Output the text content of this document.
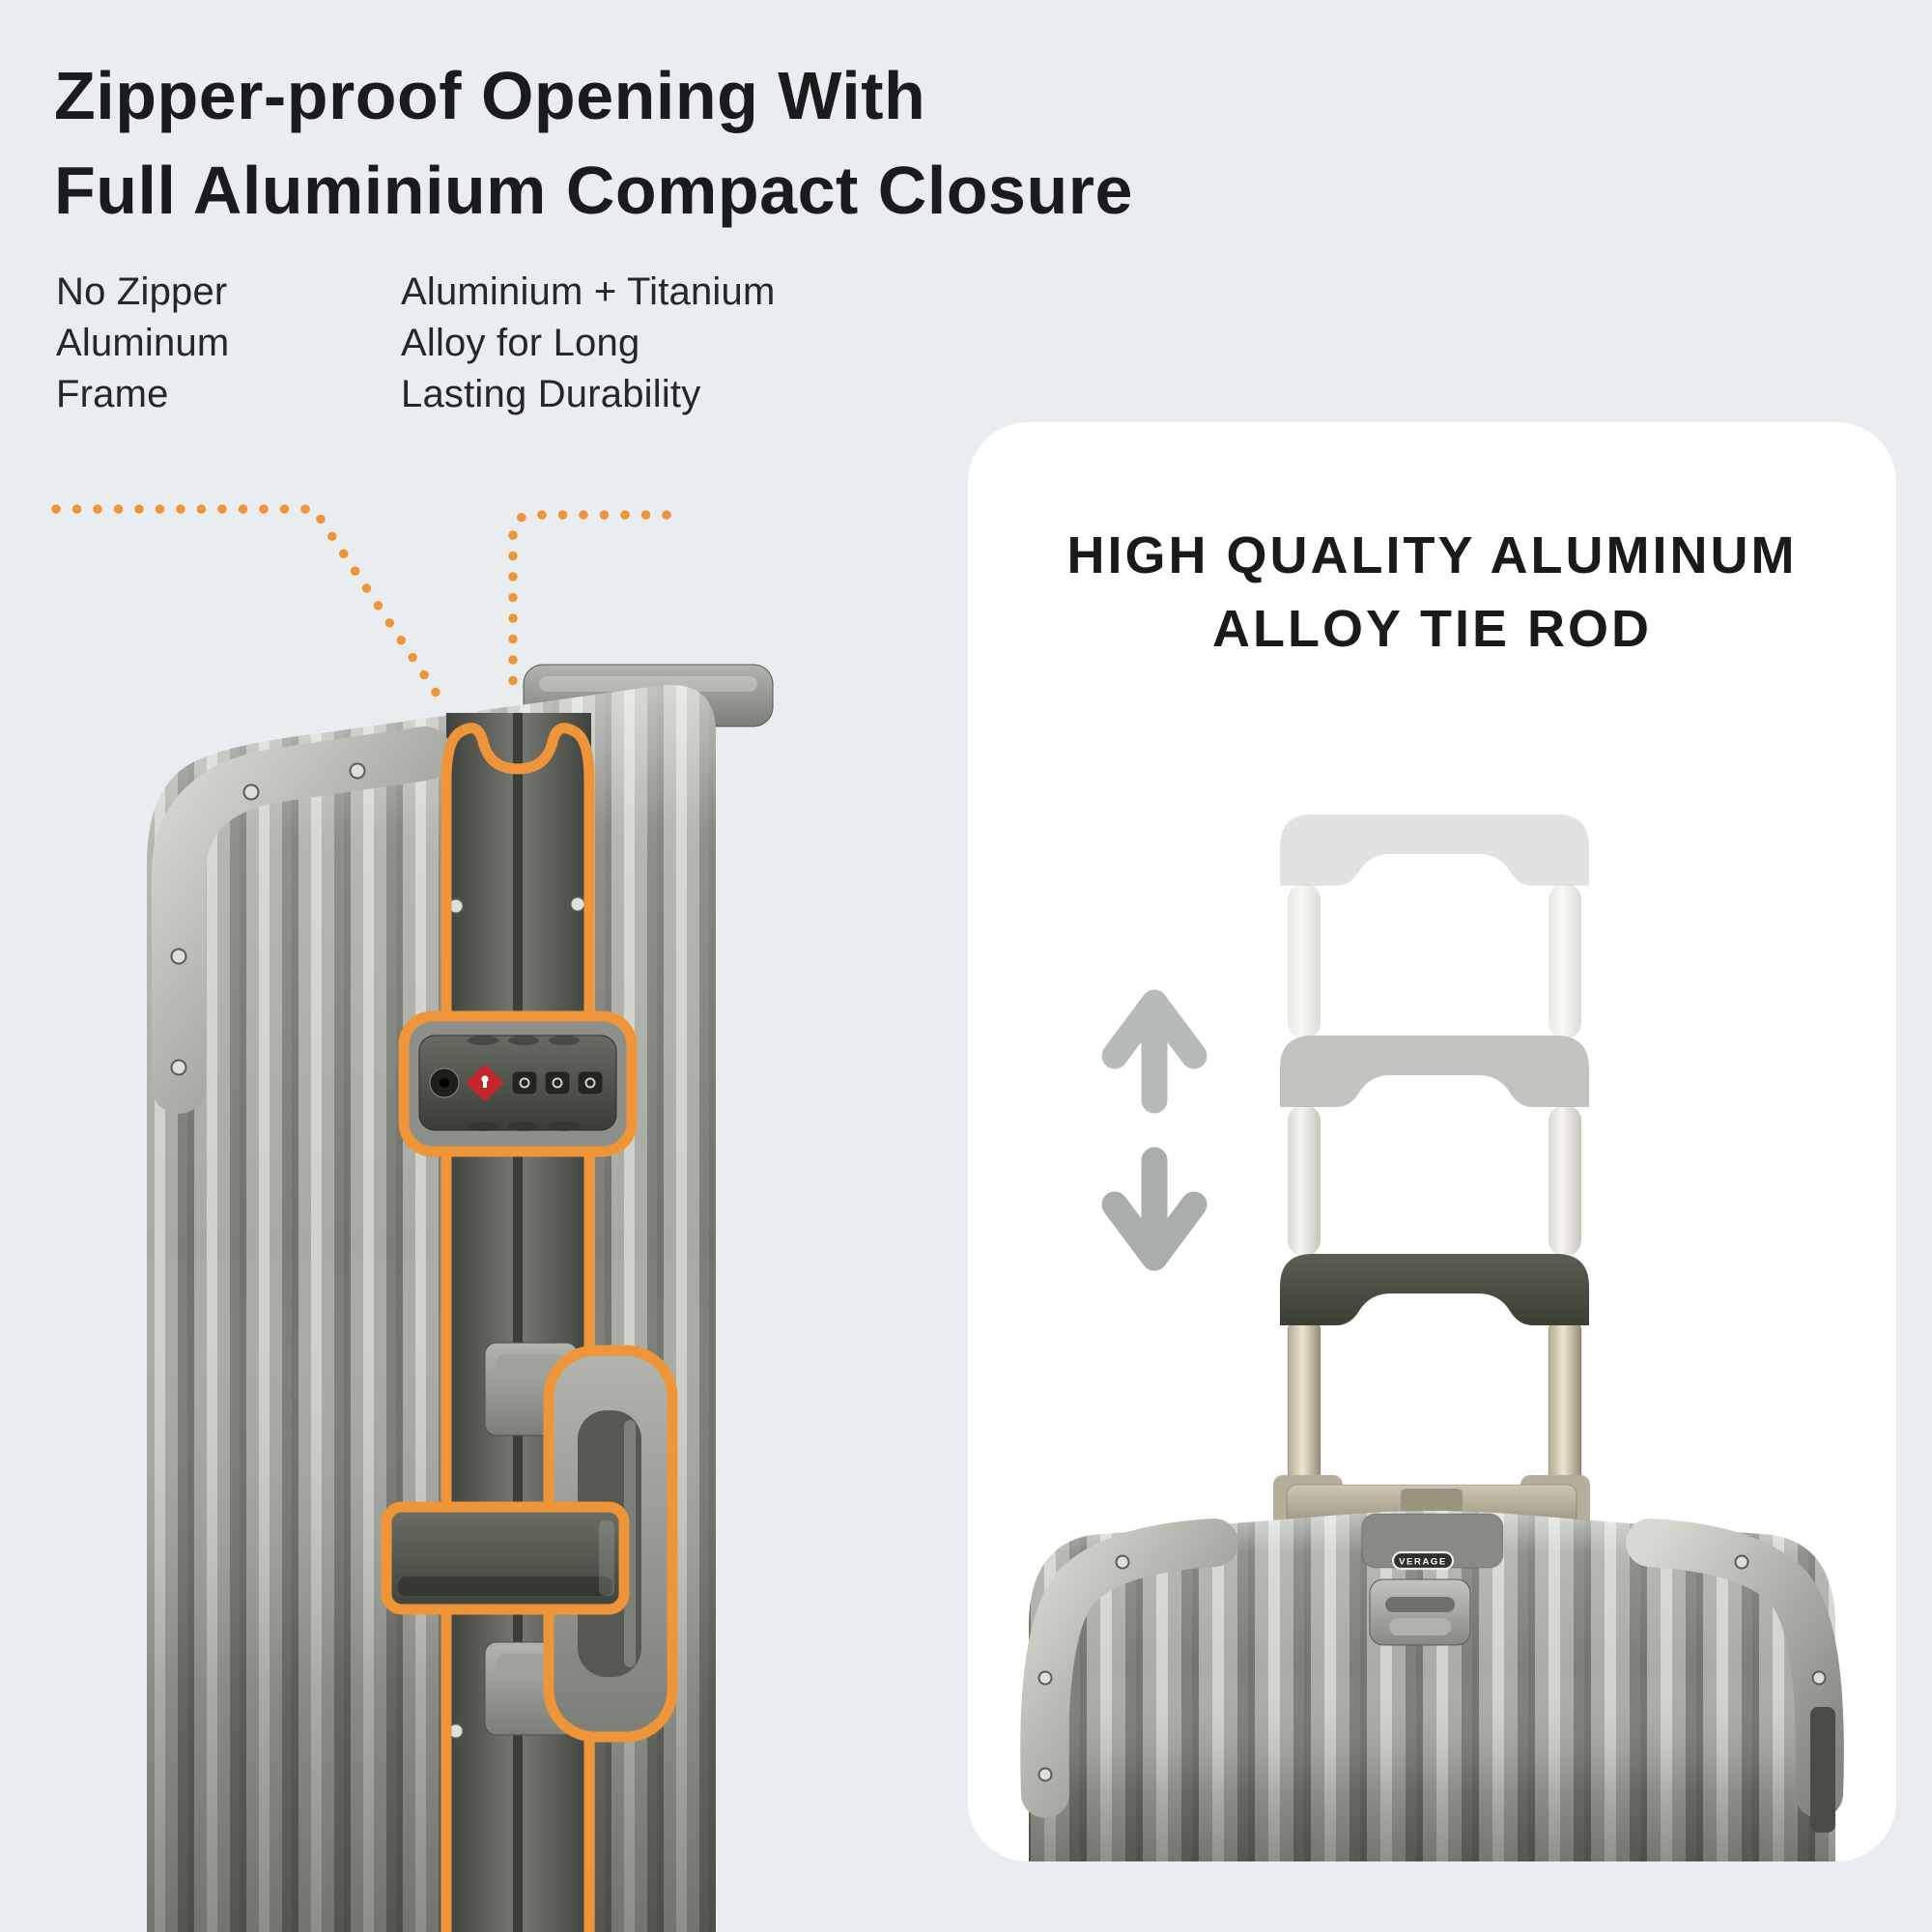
Zipper-proof Opening With
Full Aluminium Compact Closure
No Zipper
Aluminum
Frame
Aluminium + Titanium
Alloy for Long
Lasting Durability
HIGH QUALITY ALUMINUM
ALLOY TIE ROD
VERAGE
